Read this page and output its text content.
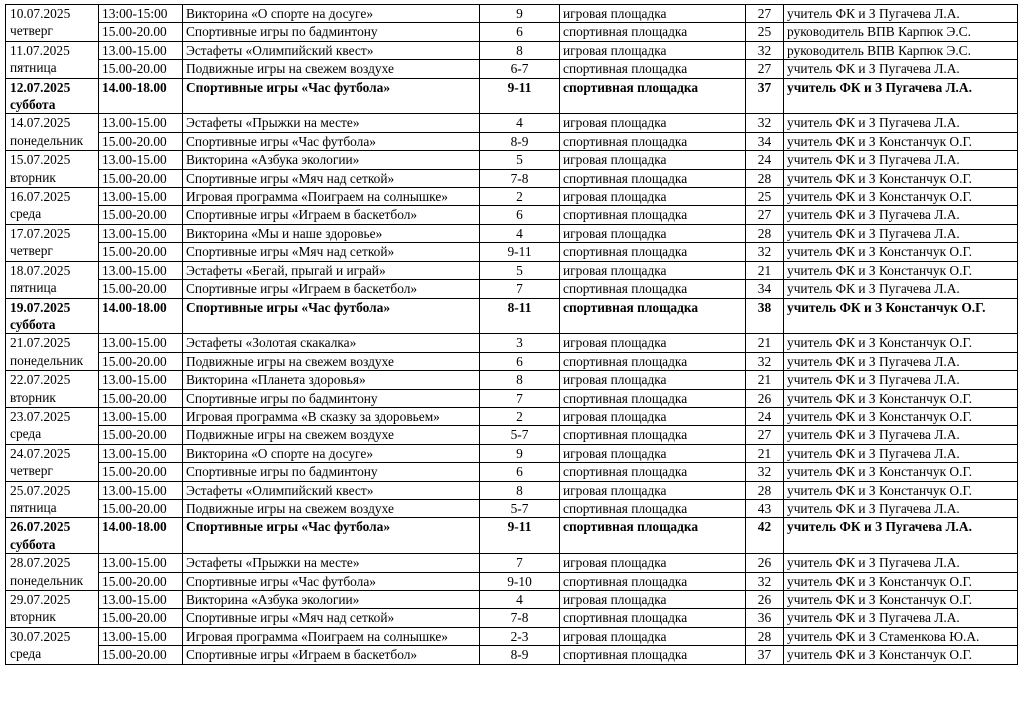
10.07.2025
четверг	13:00-15:00	Викторина «О спорте на досуге»	9	игровая площадка	27	учитель ФК и З Пугачева Л.А.
	15.00-20.00	Спортивные игры по бадминтону	6	спортивная площадка	25	руководитель ВПВ Карпюк Э.С.

11.07.2025
пятница	13.00-15.00	Эстафеты «Олимпийский квест»	8	игровая площадка	32	руководитель ВПВ Карпюк Э.С.
	15.00-20.00	Подвижные игры на свежем воздухе	6-7	спортивная площадка	27	учитель ФК и З Пугачева Л.А.

12.07.2025
суббота	14.00-18.00	Спортивные игры «Час футбола»	9-11	спортивная площадка	37	учитель ФК и З Пугачева Л.А.

14.07.2025
понедельник	13.00-15.00	Эстафеты «Прыжки на месте»	4	игровая площадка	32	учитель ФК и З Пугачева Л.А.
	15.00-20.00	Спортивные игры «Час футбола»	8-9	спортивная площадка	34	учитель ФК и З Констанчук О.Г.

15.07.2025
вторник	13.00-15.00	Викторина «Азбука экологии»	5	игровая площадка	24	учитель ФК и З Пугачева Л.А.
	15.00-20.00	Спортивные игры «Мяч над сеткой»	7-8	спортивная площадка	28	учитель ФК и З Констанчук О.Г.

16.07.2025
среда	13.00-15.00	Игровая программа «Поиграем на солнышке»	2	игровая площадка	25	учитель ФК и З Констанчук О.Г.
	15.00-20.00	Спортивные игры «Играем в баскетбол»	6	спортивная площадка	27	учитель ФК и З Пугачева Л.А.

17.07.2025
четверг	13.00-15.00	Викторина «Мы и наше здоровье»	4	игровая площадка	28	учитель ФК и З Пугачева Л.А.
	15.00-20.00	Спортивные игры «Мяч над сеткой»	9-11	спортивная площадка	32	учитель ФК и З Констанчук О.Г.

18.07.2025
пятница	13.00-15.00	Эстафеты «Бегай, прыгай и играй»	5	игровая площадка	21	учитель ФК и З Констанчук О.Г.
	15.00-20.00	Спортивные игры «Играем в баскетбол»	7	спортивная площадка	34	учитель ФК и З Пугачева Л.А.

19.07.2025
суббота	14.00-18.00	Спортивные игры «Час футбола»	8-11	спортивная площадка	38	учитель ФК и З Констанчук О.Г.

21.07.2025
понедельник	13.00-15.00	Эстафеты «Золотая скакалка»	3	игровая площадка	21	учитель ФК и З Констанчук О.Г.
	15.00-20.00	Подвижные игры на свежем воздухе	6	спортивная площадка	32	учитель ФК и З Пугачева Л.А.

22.07.2025
вторник	13.00-15.00	Викторина «Планета здоровья»	8	игровая площадка	21	учитель ФК и З Пугачева Л.А.
	15.00-20.00	Спортивные игры по бадминтону	7	спортивная площадка	26	учитель ФК и З Констанчук О.Г.

23.07.2025
среда	13.00-15.00	Игровая программа «В сказку за здоровьем»	2	игровая площадка	24	учитель ФК и З Констанчук О.Г.
	15.00-20.00	Подвижные игры на свежем воздухе	5-7	спортивная площадка	27	учитель ФК и З Пугачева Л.А.

24.07.2025
четверг	13.00-15.00	Викторина «О спорте на досуге»	9	игровая площадка	21	учитель ФК и З Пугачева Л.А.
	15.00-20.00	Спортивные игры по бадминтону	6	спортивная площадка	32	учитель ФК и З Констанчук О.Г.

25.07.2025
пятница	13.00-15.00	Эстафеты «Олимпийский квест»	8	игровая площадка	28	учитель ФК и З Констанчук О.Г.
	15.00-20.00	Подвижные игры на свежем воздухе	5-7	спортивная площадка	43	учитель ФК и З Пугачева Л.А.

26.07.2025
суббота	14.00-18.00	Спортивные игры «Час футбола»	9-11	спортивная площадка	42	учитель ФК и З Пугачева Л.А.

28.07.2025
понедельник	13.00-15.00	Эстафеты «Прыжки на месте»	7	игровая площадка	26	учитель ФК и З Пугачева Л.А.
	15.00-20.00	Спортивные игры «Час футбола»	9-10	спортивная площадка	32	учитель ФК и З Констанчук О.Г.

29.07.2025
вторник	13.00-15.00	Викторина «Азбука экологии»	4	игровая площадка	26	учитель ФК и З Констанчук О.Г.
	15.00-20.00	Спортивные игры «Мяч над сеткой»	7-8	спортивная площадка	36	учитель ФК и З Пугачева Л.А.

30.07.2025
среда	13.00-15.00	Игровая программа «Поиграем на солнышке»	2-3	игровая площадка	28	учитель ФК и З Стаменкова Ю.А.
	15.00-20.00	Спортивные игры «Играем в баскетбол»	8-9	спортивная площадка	37	учитель ФК и З Констанчук О.Г.
